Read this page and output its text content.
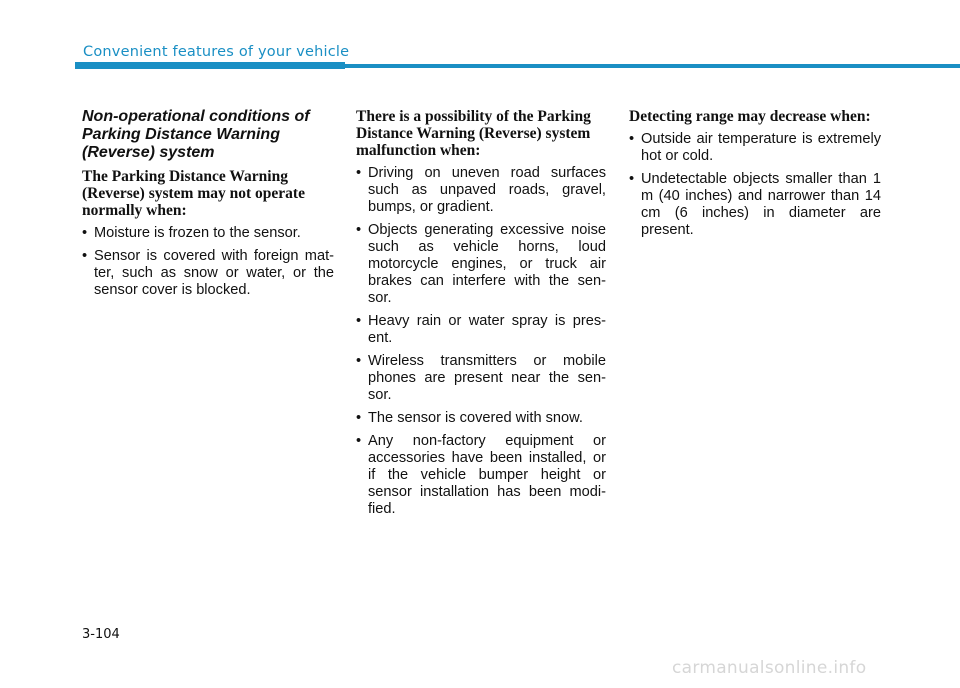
Convenient features of your vehicle
Non-operational conditions of
Parking Distance Warning
(Reverse) system
The Parking Distance Warning (Reverse) system may not operate normally when:
• Moisture is frozen to the sensor.
• Sensor is covered with foreign mat- ter, such as snow or water, or the sensor cover is blocked.
There is a possibility of the Parking Distance Warning (Reverse) system malfunction when:
• Driving on uneven road surfaces such as unpaved roads, gravel, bumps, or gradient.
• Objects generating excessive noise such as vehicle horns, loud motorcycle engines, or truck air brakes can interfere with the sen- sor.
• Heavy rain or water spray is pres- ent.
• Wireless transmitters or mobile phones are present near the sen- sor.
• The sensor is covered with snow.
• Any non-factory equipment or accessories have been installed, or if the vehicle bumper height or sensor installation has been modi- fied.
Detecting range may decrease when:
• Outside air temperature is extremely hot or cold.
• Undetectable objects smaller than 1 m (40 inches) and narrower than 14 cm (6 inches) in diameter are present.
3-104
carmanualsonline.info
